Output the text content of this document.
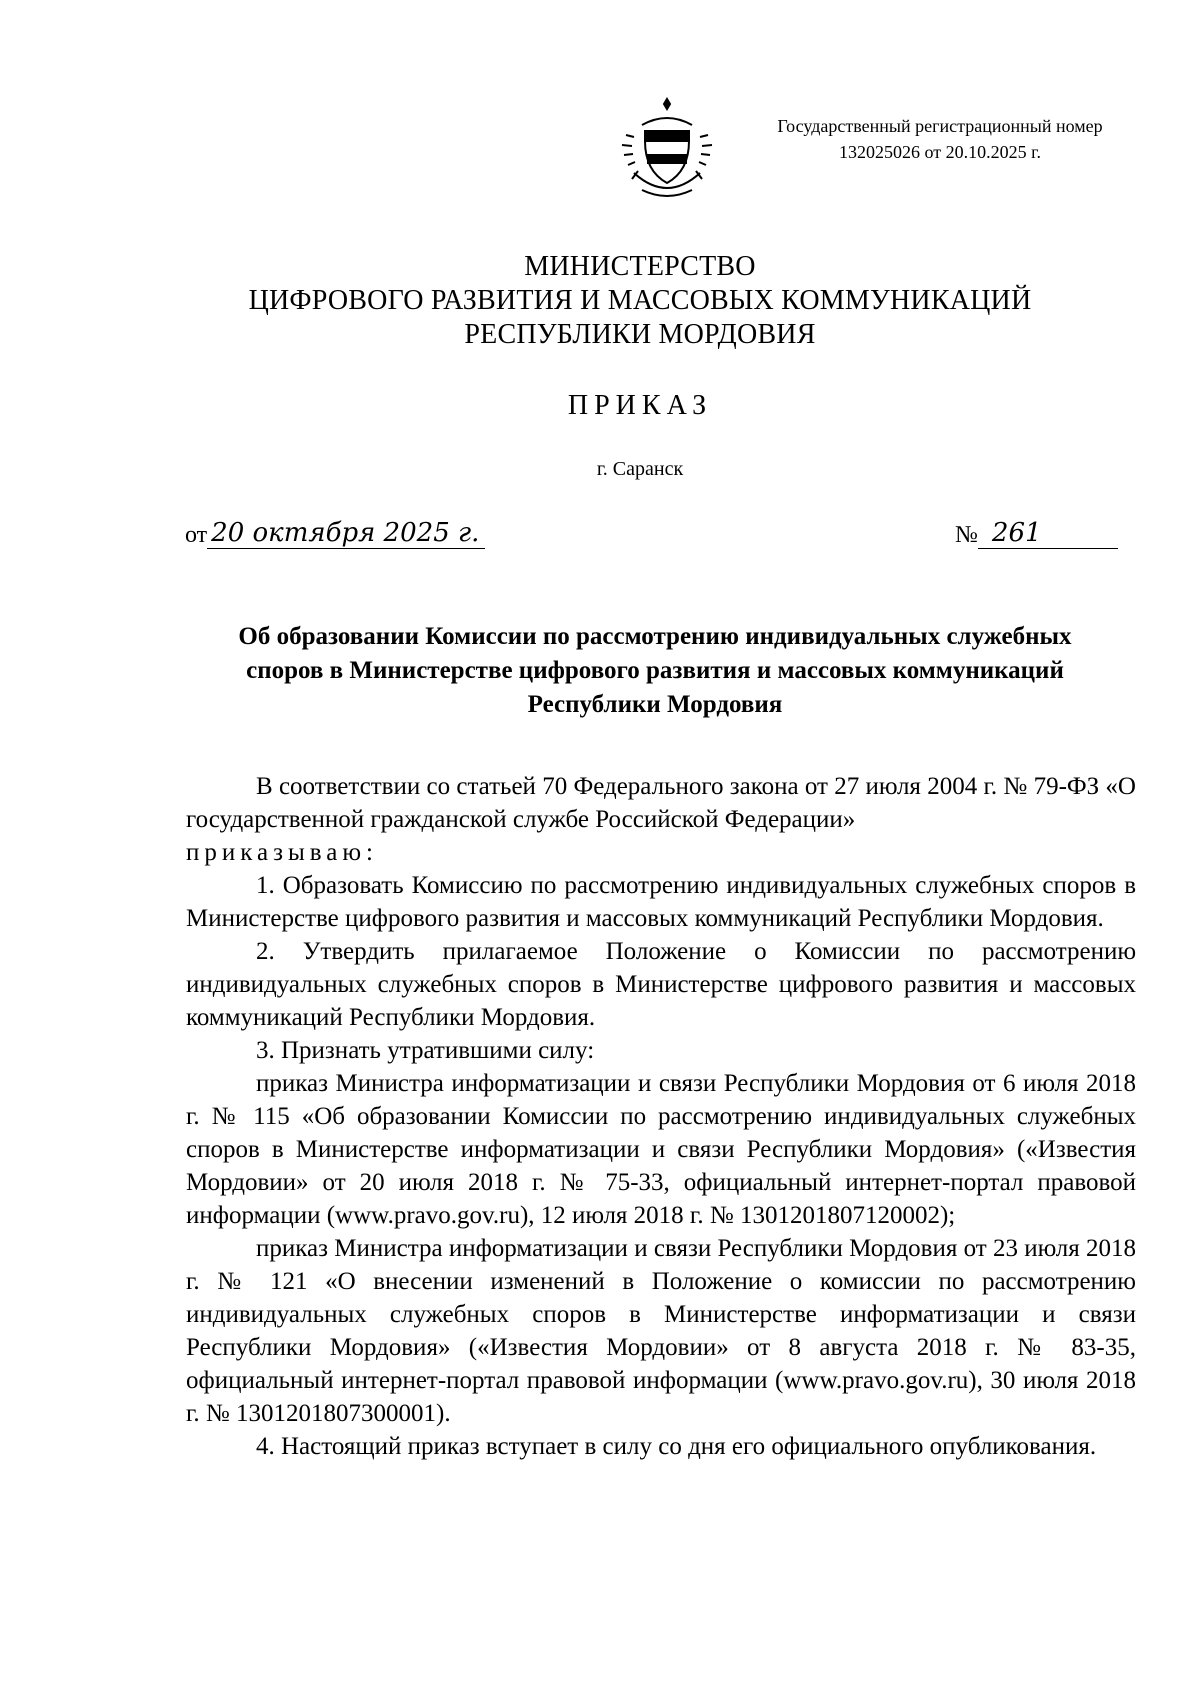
Государственный регистрационный номер
132025026 от 20.10.2025 г.
МИНИСТЕРСТВО
ЦИФРОВОГО РАЗВИТИЯ И МАССОВЫХ КОММУНИКАЦИЙ
РЕСПУБЛИКИ МОРДОВИЯ
ПРИКАЗ
г. Саранск
от 20 октября 2025 г.	№ 261
Об образовании Комиссии по рассмотрению индивидуальных служебных
споров в Министерстве цифрового развития и массовых коммуникаций
Республики Мордовия

В соответствии со статьей 70 Федерального закона от 27 июля 2004 г. № 79-ФЗ «О государственной гражданской службе Российской Федерации»

приказываю:

1. Образовать Комиссию по рассмотрению индивидуальных служебных споров в Министерстве цифрового развития и массовых коммуникаций Республики Мордовия.

2. Утвердить прилагаемое Положение о Комиссии по рассмотрению индивидуальных служебных споров в Министерстве цифрового развития и массовых коммуникаций Республики Мордовия.

3. Признать утратившими силу:

приказ Министра информатизации и связи Республики Мордовия от 6 июля 2018 г. № 115 «Об образовании Комиссии по рассмотрению индивидуальных служебных споров в Министерстве информатизации и связи Республики Мордовия» («Известия Мордовии» от 20 июля 2018 г. № 75-33, официальный интернет-портал правовой информации (www.pravo.gov.ru), 12 июля 2018 г. № 1301201807120002);

приказ Министра информатизации и связи Республики Мордовия от 23 июля 2018 г. № 121 «О внесении изменений в Положение о комиссии по рассмотрению индивидуальных служебных споров в Министерстве информатизации и связи Республики Мордовия» («Известия Мордовии» от 8 августа 2018 г. № 83-35, официальный интернет-портал правовой информации (www.pravo.gov.ru), 30 июля 2018 г. № 1301201807300001).

4. Настоящий приказ вступает в силу со дня его официального опубликования.
